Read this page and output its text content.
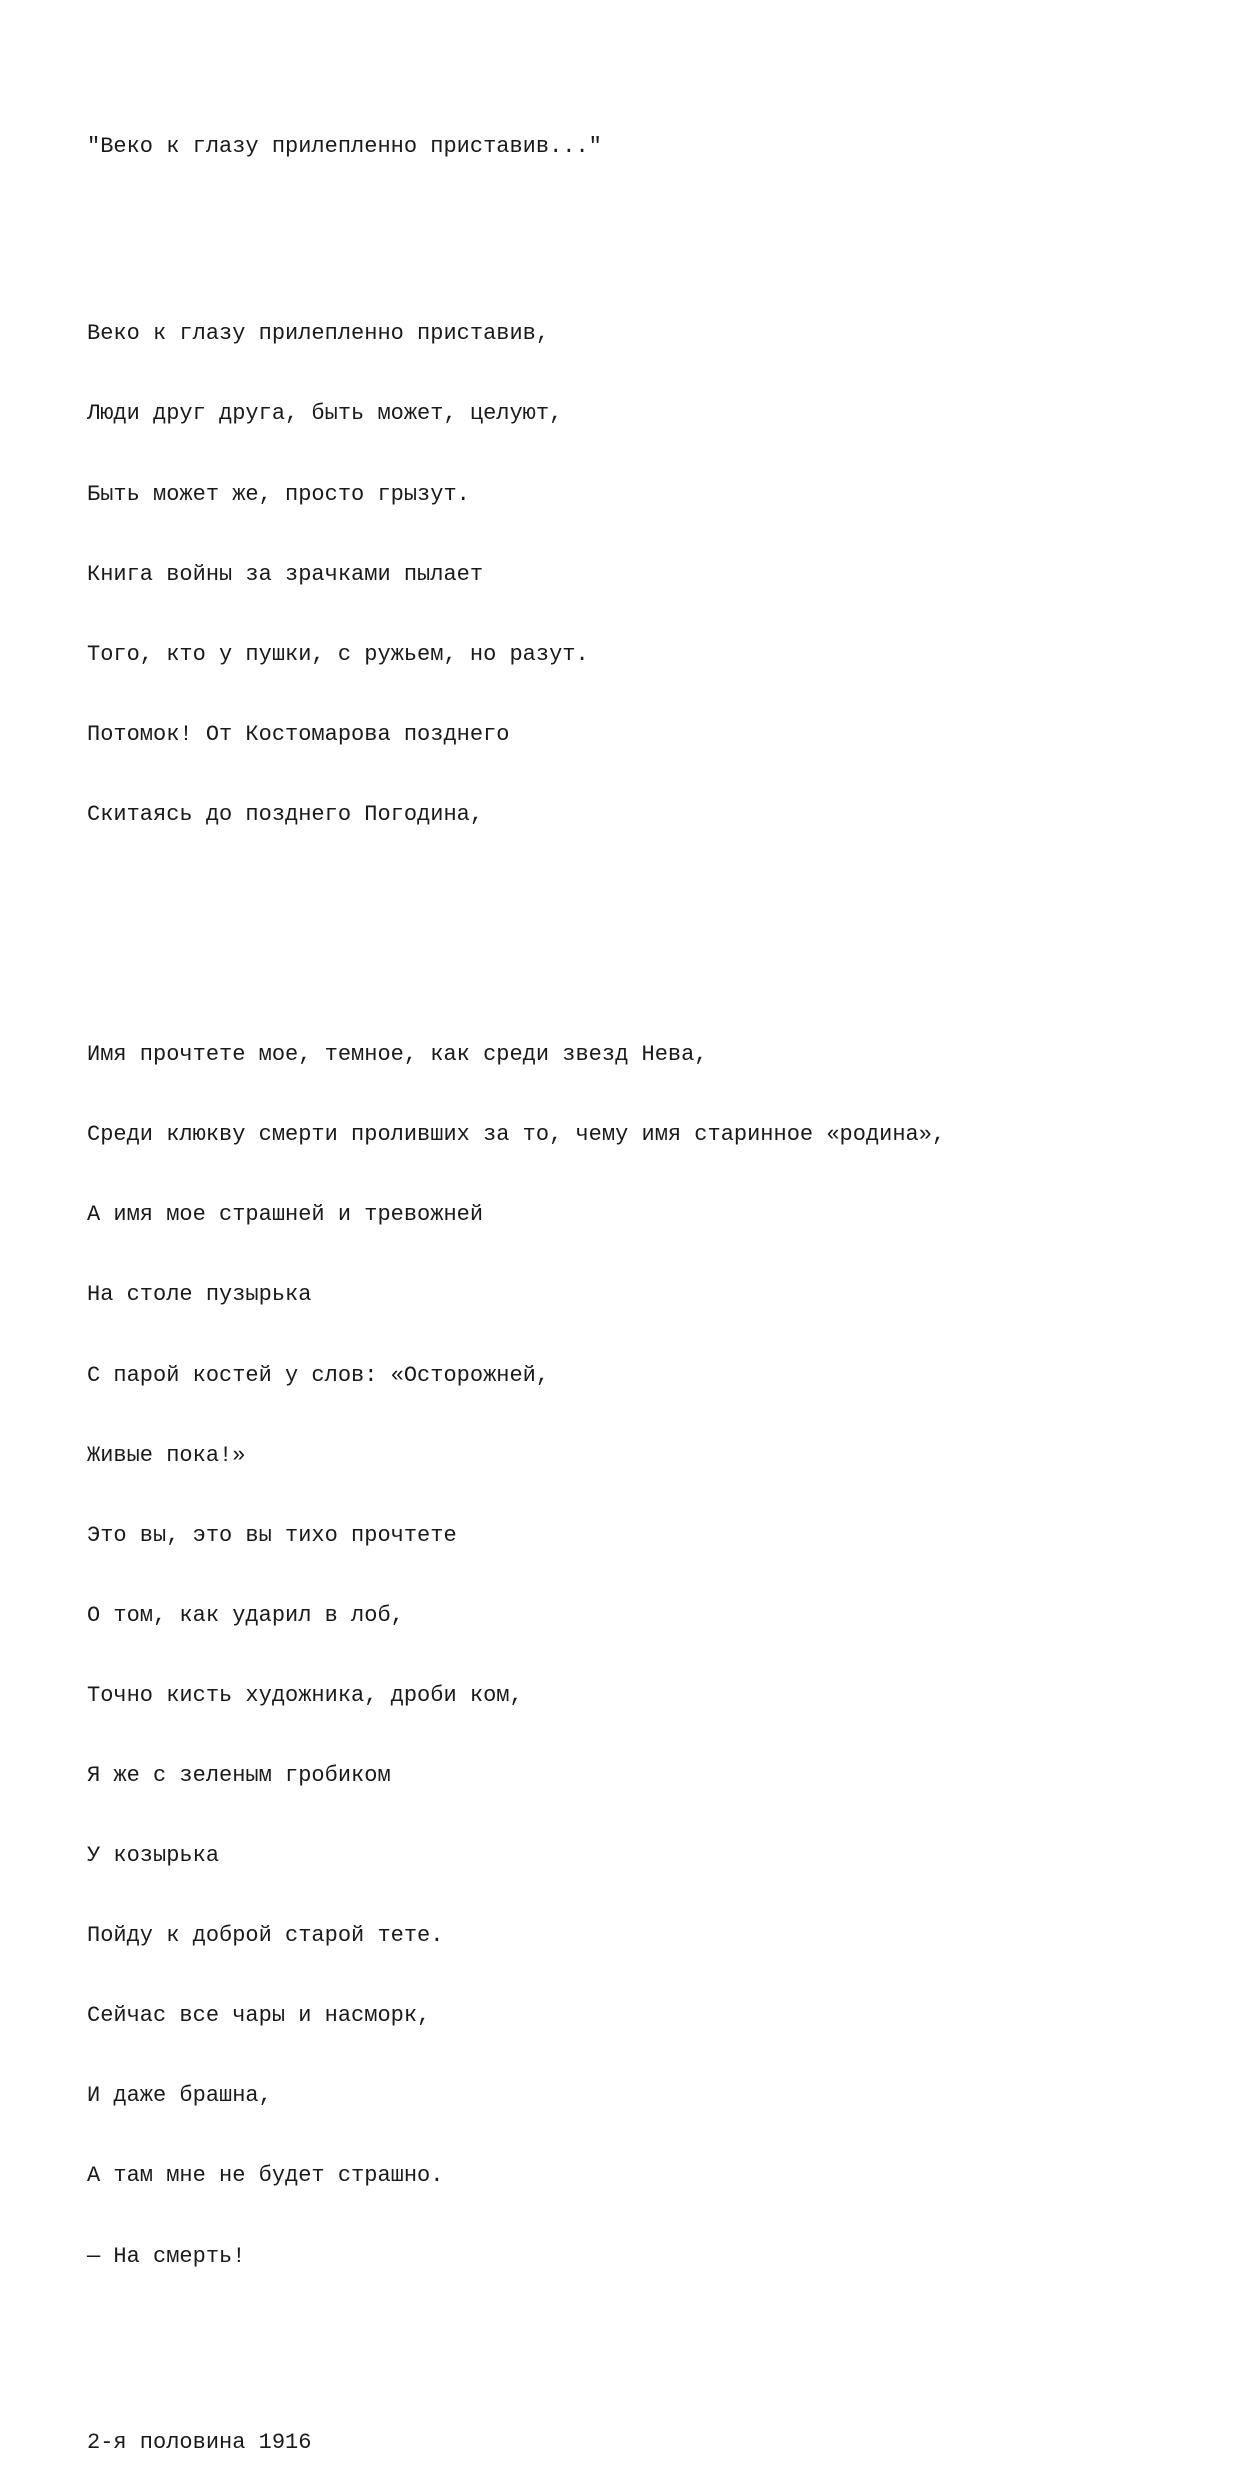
"Веко к глазу прилепленно приставив..."

Веко к глазу прилепленно приставив,

Люди друг друга, быть может, целуют,

Быть может же, просто грызут.

Книга войны за зрачками пылает

Того, кто у пушки, с ружьем, но разут.

Потомок! От Костомарова позднего

Скитаясь до позднего Погодина,

Имя прочтете мое, темное, как среди звезд Нева,

Среди клюкву смерти проливших за то, чему имя старинное «родина»,

А имя мое страшней и тревожней

На столе пузырька

С парой костей у слов: «Осторожней,

Живые пока!»

Это вы, это вы тихо прочтете

О том, как ударил в лоб,

Точно кисть художника, дроби ком,

Я же с зеленым гробиком

У козырька

Пойду к доброй старой тете.

Сейчас все чары и насморк,

И даже брашна,

А там мне не будет страшно.

— На смерть!

2-я половина 1916
